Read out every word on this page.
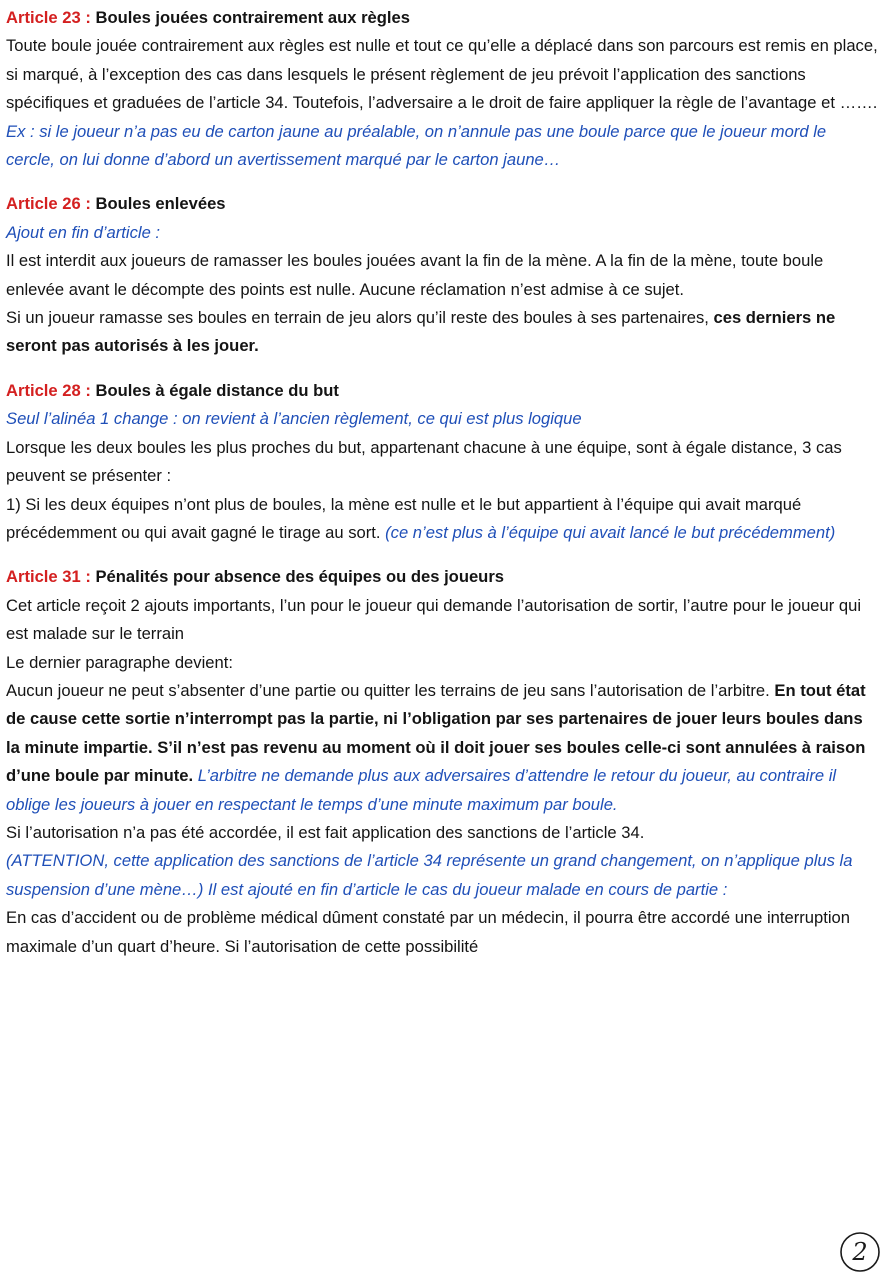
Article 23 : Boules jouées contrairement aux règles

Toute boule jouée contrairement aux règles est nulle et tout ce qu’elle a déplacé dans son parcours est remis en place, si marqué, à l’exception des cas dans lesquels le présent règlement de jeu prévoit l’application des sanctions spécifiques et graduées de l’article 34. Toutefois, l’adversaire a le droit de faire appliquer la règle de l’avantage et …….

Ex : si le joueur n’a pas eu de carton jaune au préalable, on n’annule pas une boule parce que le joueur mord le cercle, on lui donne d’abord un avertissement marqué par le carton jaune…

Article 26 : Boules enlevées

Ajout en fin d’article :

Il est interdit aux joueurs de ramasser les boules jouées avant la fin de la mène. A la fin de la mène, toute boule enlevée avant le décompte des points est nulle. Aucune réclamation n’est admise à ce sujet.

Si un joueur ramasse ses boules en terrain de jeu alors qu’il reste des boules à ses partenaires, ces derniers ne seront pas autorisés à les jouer.

Article 28 : Boules à égale distance du but

Seul l’alinéa 1 change : on revient à l’ancien règlement, ce qui est plus logique

Lorsque les deux boules les plus proches du but, appartenant chacune à une équipe, sont à égale distance, 3 cas peuvent se présenter :

1) Si les deux équipes n’ont plus de boules, la mène est nulle et le but appartient à l’équipe qui avait marqué précédemment ou qui avait gagné le tirage au sort. (ce n’est plus à l’équipe qui avait lancé le but précédemment)

Article 31 : Pénalités pour absence des équipes ou des joueurs

Cet article reçoit 2 ajouts importants, l’un pour le joueur qui demande l’autorisation de sortir, l’autre pour le joueur qui est malade sur le terrain

Le dernier paragraphe devient:

Aucun joueur ne peut s’absenter d’une partie ou quitter les terrains de jeu sans l’autorisation de l’arbitre. En tout état de cause cette sortie n’interrompt pas la partie, ni l’obligation par ses partenaires de jouer leurs boules dans la minute impartie. S’il n’est pas revenu au moment où il doit jouer ses boules celle-ci sont annulées à raison d’une boule par minute. L’arbitre ne demande plus aux adversaires d’attendre le retour du joueur, au contraire il oblige les joueurs à jouer en respectant le temps d’une minute maximum par boule.

Si l’autorisation n’a pas été accordée, il est fait application des sanctions de l’article 34.

(ATTENTION, cette application des sanctions de l’article 34 représente un grand changement, on n’applique plus la suspension d’une mène…) Il est ajouté en fin d’article le cas du joueur malade en cours de partie :

En cas d’accident ou de problème médical dûment constaté par un médecin, il pourra être accordé une interruption maximale d’un quart d’heure. Si l’autorisation de cette possibilité

2
